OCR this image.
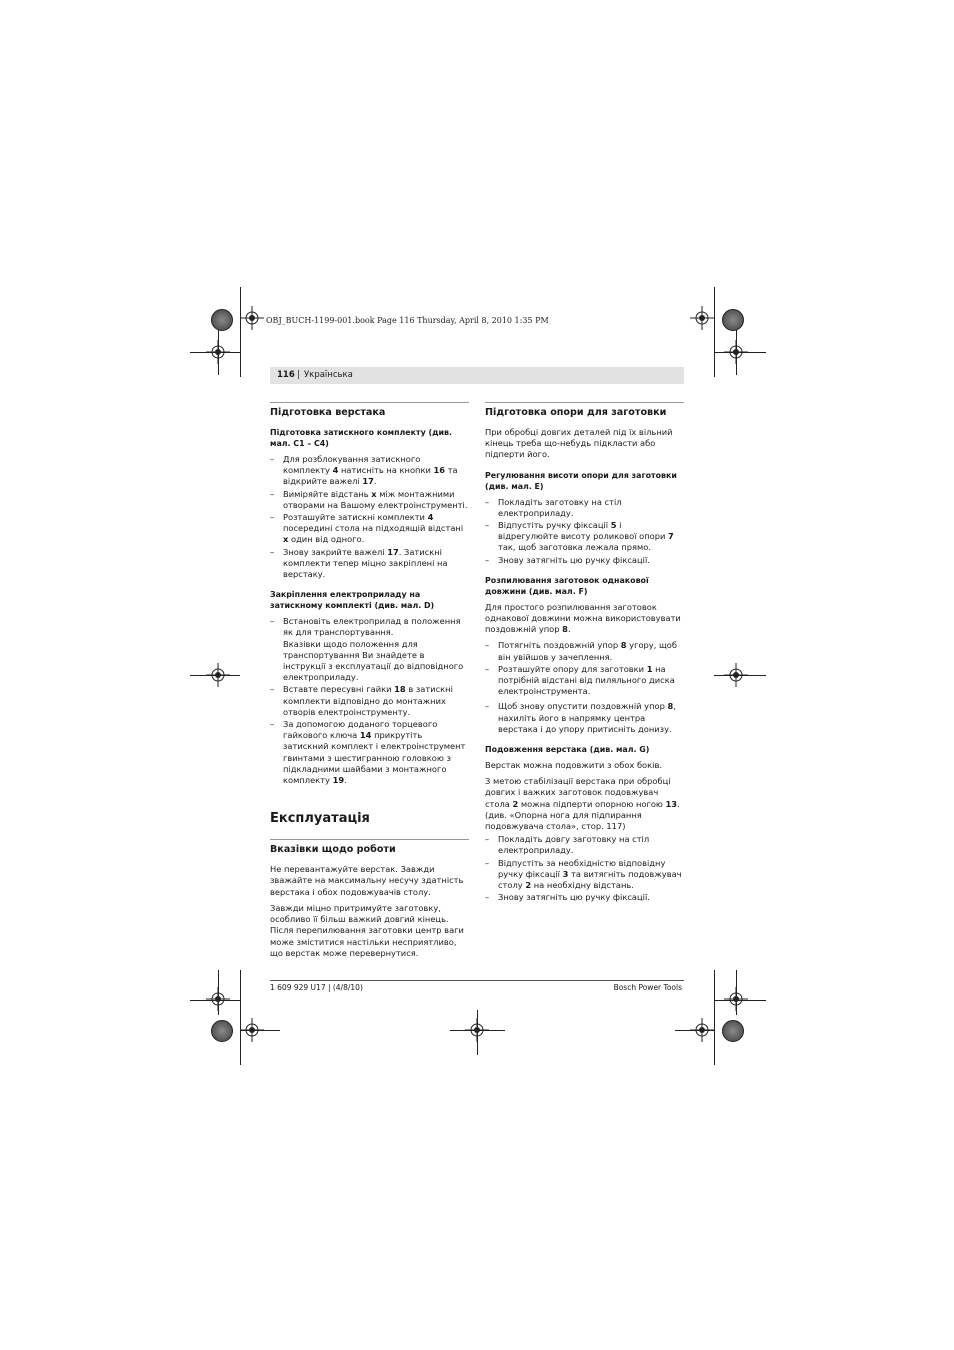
OBJ_BUCH-1199-001.book Page 116 Thursday, April 8, 2010 1:35 PM
116 | Українська
Підготовка верстака
Підготовка затискного комплекту (див. мал. C1 – C4)
– Для розблокування затискного комплекту 4 натисніть на кнопки 16 та відкрийте важелі 17.
– Виміряйте відстань x між монтажними отворами на Вашому електроінструменті.
– Розташуйте затискні комплекти 4 посередині стола на підходящій відстані x один від одного.
– Знову закрийте важелі 17. Затискні комплекти тепер міцно закріплені на верстаку.
Закріплення електроприладу на затискному комплекті (див. мал. D)
– Встановіть електроприлад в положення як для транспортування.
Вказівки щодо положення для транспортування Ви знайдете в інструкції з експлуатації до відповідного електроприладу.
– Вставте пересувні гайки 18 в затискні комплекти відповідно до монтажних отворів електроінструменту.
– За допомогою доданого торцевого гайкового ключа 14 прикрутіть затискний комплект і електроінструмент гвинтами з шестигранною головкою з підкладними шайбами з монтажного комплекту 19.
Експлуатація
Вказівки щодо роботи

Не перевантажуйте верстак. Завжди зважайте на максимальну несучу здатність верстака і обох подовжувачів столу.

Завжди міцно притримуйте заготовку, особливо її більш важкий довгий кінець. Після перепилювання заготовки центр ваги може зміститися настільки несприятливо, що верстак може перевернутися.

Підготовка опори для заготовки

При обробці довгих деталей під їх вільний кінець треба що-небудь підкласти або підперти його.

Регулювання висоти опори для заготовки (див. мал. E)
– Покладіть заготовку на стіл електроприладу.
– Відпустіть ручку фіксації 5 і відрегулюйте висоту роликової опори 7 так, щоб заготовка лежала прямо.
– Знову затягніть цю ручку фіксації.
Розпилювання заготовок однакової довжини (див. мал. F)

Для простого розпилювання заготовок однакової довжини можна використовувати поздовжній упор 8.

– Потягніть поздовжній упор 8 угору, щоб він увійшов у зачеплення.
– Розташуйте опору для заготовки 1 на потрібній відстані від пиляльного диска електроінструмента.
– Щоб знову опустити поздовжній упор 8, нахиліть його в напрямку центра верстака і до упору притисніть донизу.
Подовження верстака (див. мал. G)

Верстак можна подовжити з обох боків.

З метою стабілізації верстака при обробці довгих і важких заготовок подовжувач стола 2 можна підперти опорною ногою 13.
(див. «Опорна нога для підпирання подовжувача стола», стор. 117)

– Покладіть довгу заготовку на стіл електроприладу.
– Відпустіть за необхідністю відповідну ручку фіксації 3 та витягніть подовжувач столу 2 на необхідну відстань.
– Знову затягніть цю ручку фіксації.
1 609 929 U17 | (4/8/10)	Bosch Power Tools
